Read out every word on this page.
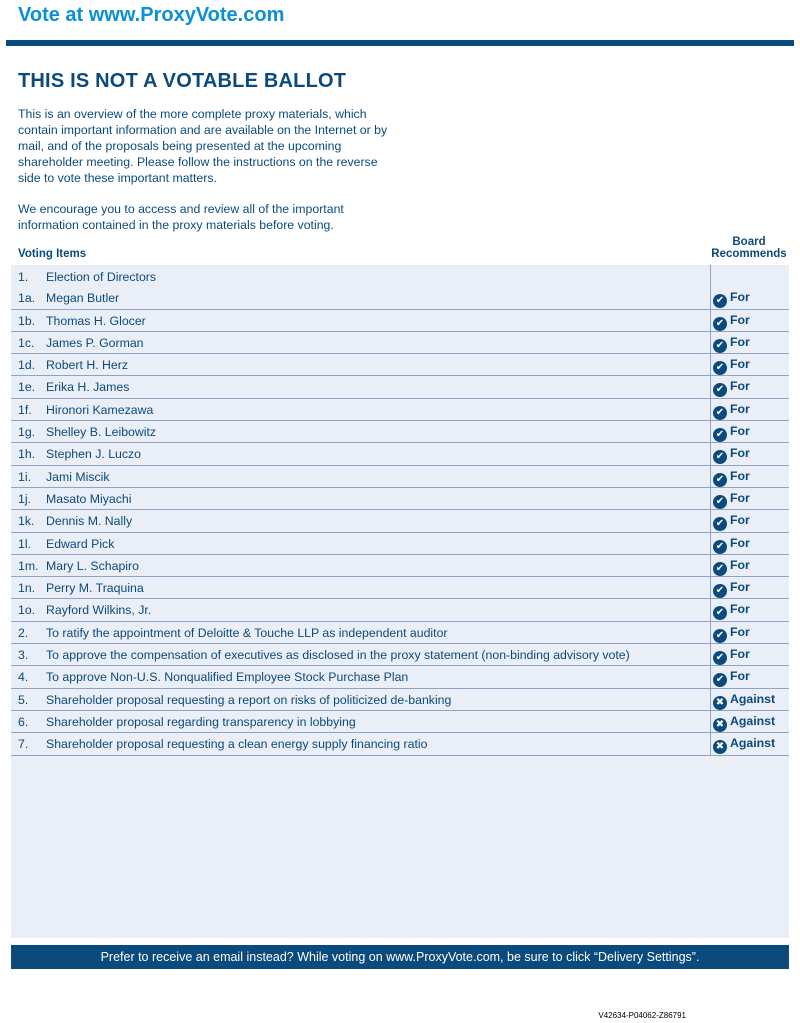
Vote at www.ProxyVote.com
THIS IS NOT A VOTABLE BALLOT
This is an overview of the more complete proxy materials, which contain important information and are available on the Internet or by mail, and of the proposals being presented at the upcoming shareholder meeting. Please follow the instructions on the reverse side to vote these important matters.
We encourage you to access and review all of the important information contained in the proxy materials before voting.
Voting Items
Board
Recommends
1. Election of Directors
1a. Megan Butler	✔ For
1b. Thomas H. Glocer	✔ For
1c. James P. Gorman	✔ For
1d. Robert H. Herz	✔ For
1e. Erika H. James	✔ For
1f. Hironori Kamezawa	✔ For
1g. Shelley B. Leibowitz	✔ For
1h. Stephen J. Luczo	✔ For
1i. Jami Miscik	✔ For
1j. Masato Miyachi	✔ For
1k. Dennis M. Nally	✔ For
1l. Edward Pick	✔ For
1m. Mary L. Schapiro	✔ For
1n. Perry M. Traquina	✔ For
1o. Rayford Wilkins, Jr.	✔ For
2. To ratify the appointment of Deloitte & Touche LLP as independent auditor	✔ For
3. To approve the compensation of executives as disclosed in the proxy statement (non-binding advisory vote)	✔ For
4. To approve Non-U.S. Nonqualified Employee Stock Purchase Plan	✔ For
5. Shareholder proposal requesting a report on risks of politicized de-banking	✖ Against
6. Shareholder proposal regarding transparency in lobbying	✖ Against
7. Shareholder proposal requesting a clean energy supply financing ratio	✖ Against
Prefer to receive an email instead? While voting on www.ProxyVote.com, be sure to click “Delivery Settings”.
V42634-P04062-Z86791
